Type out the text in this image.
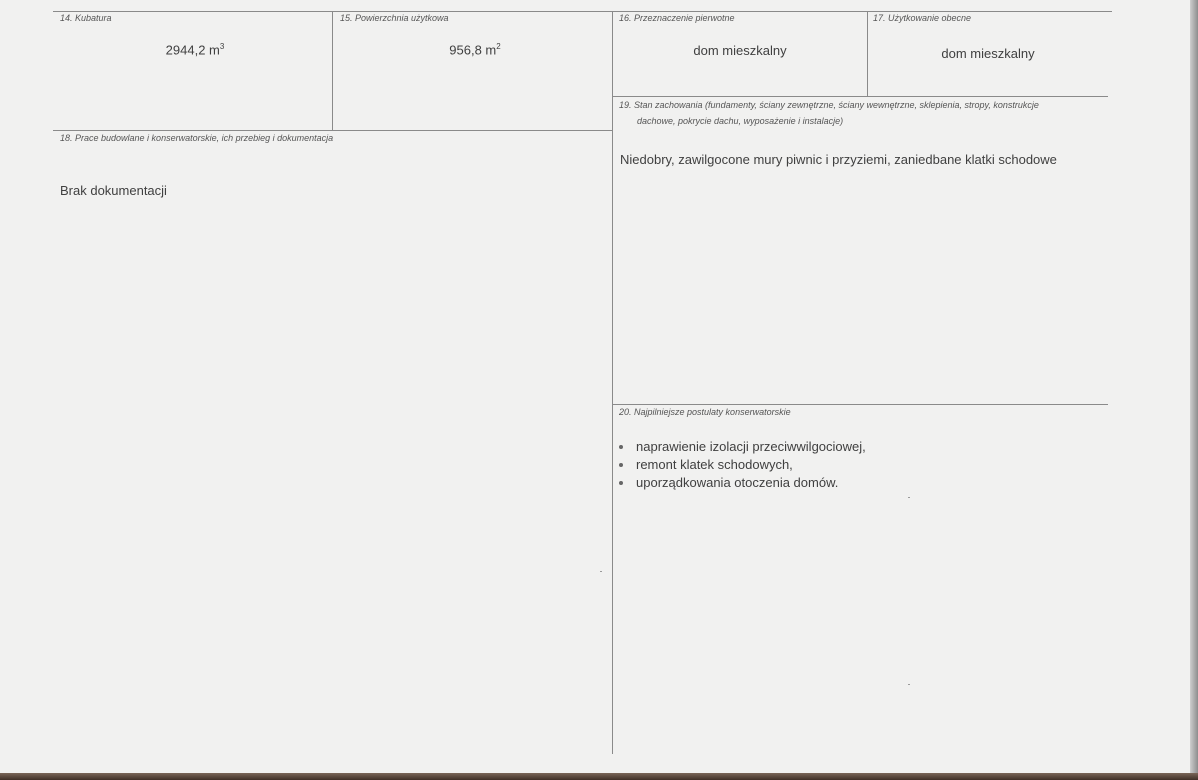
14. Kubatura
2944,2 $m^3$
15. Powierzchnia użytkowa
956,8 $m^2$
16. Przeznaczenie pierwotne
dom mieszkalny
17. Użytkowanie obecne
dom mieszkalny
18. Prace budowlane i konserwatorskie, ich przebieg i dokumentacja
Brak dokumentacji
19. Stan zachowania (fundamenty, ściany zewnętrzne, ściany wewnętrzne, sklepienia, stropy, konstrukcje
dachowe, pokrycie dachu, wyposażenie i instalacje)
Niedobry, zawilgocone mury piwnic i przyziemi, zaniedbane klatki schodowe
20. Najpilniejsze postulaty konserwatorskie
naprawienie izolacji przeciwwilgociowej,
remont klatek schodowych,
uporządkowania otoczenia domów.
